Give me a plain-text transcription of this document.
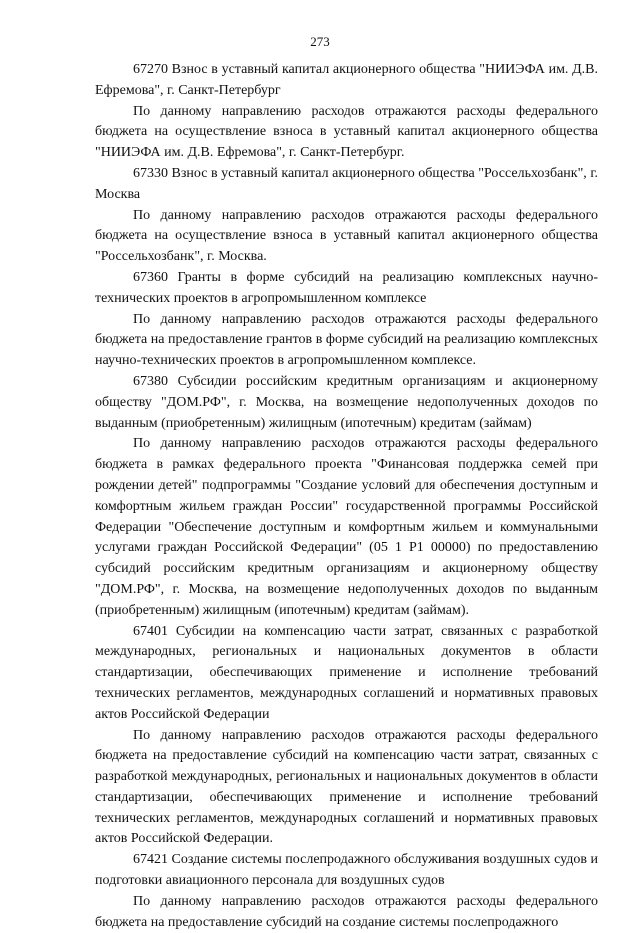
273

67270 Взнос в уставный капитал акционерного общества "НИИЭФА им. Д.В. Ефремова", г. Санкт-Петербург

По данному направлению расходов отражаются расходы федерального бюджета на осуществление взноса в уставный капитал акционерного общества "НИИЭФА им. Д.В. Ефремова", г. Санкт-Петербург.

67330 Взнос в уставный капитал акционерного общества "Россельхозбанк", г. Москва

По данному направлению расходов отражаются расходы федерального бюджета на осуществление взноса в уставный капитал акционерного общества "Россельхозбанк", г. Москва.

67360 Гранты в форме субсидий на реализацию комплексных научно-технических проектов в агропромышленном комплексе

По данному направлению расходов отражаются расходы федерального бюджета на предоставление грантов в форме субсидий на реализацию комплексных научно-технических проектов в агропромышленном комплексе.

67380 Субсидии российским кредитным организациям и акционерному обществу "ДОМ.РФ", г. Москва, на возмещение недополученных доходов по выданным (приобретенным) жилищным (ипотечным) кредитам (займам)

По данному направлению расходов отражаются расходы федерального бюджета в рамках федерального проекта "Финансовая поддержка семей при рождении детей" подпрограммы "Создание условий для обеспечения доступным и комфортным жильем граждан России" государственной программы Российской Федерации "Обеспечение доступным и комфортным жильем и коммунальными услугами граждан Российской Федерации" (05 1 P1 00000) по предоставлению субсидий российским кредитным организациям и акционерному обществу "ДОМ.РФ", г. Москва, на возмещение недополученных доходов по выданным (приобретенным) жилищным (ипотечным) кредитам (займам).

67401 Субсидии на компенсацию части затрат, связанных с разработкой международных, региональных и национальных документов в области стандартизации, обеспечивающих применение и исполнение требований технических регламентов, международных соглашений и нормативных правовых актов Российской Федерации

По данному направлению расходов отражаются расходы федерального бюджета на предоставление субсидий на компенсацию части затрат, связанных с разработкой международных, региональных и национальных документов в области стандартизации, обеспечивающих применение и исполнение требований технических регламентов, международных соглашений и нормативных правовых актов Российской Федерации.

67421 Создание системы послепродажного обслуживания воздушных судов и подготовки авиационного персонала для воздушных судов

По данному направлению расходов отражаются расходы федерального бюджета на предоставление субсидий на создание системы послепродажного
